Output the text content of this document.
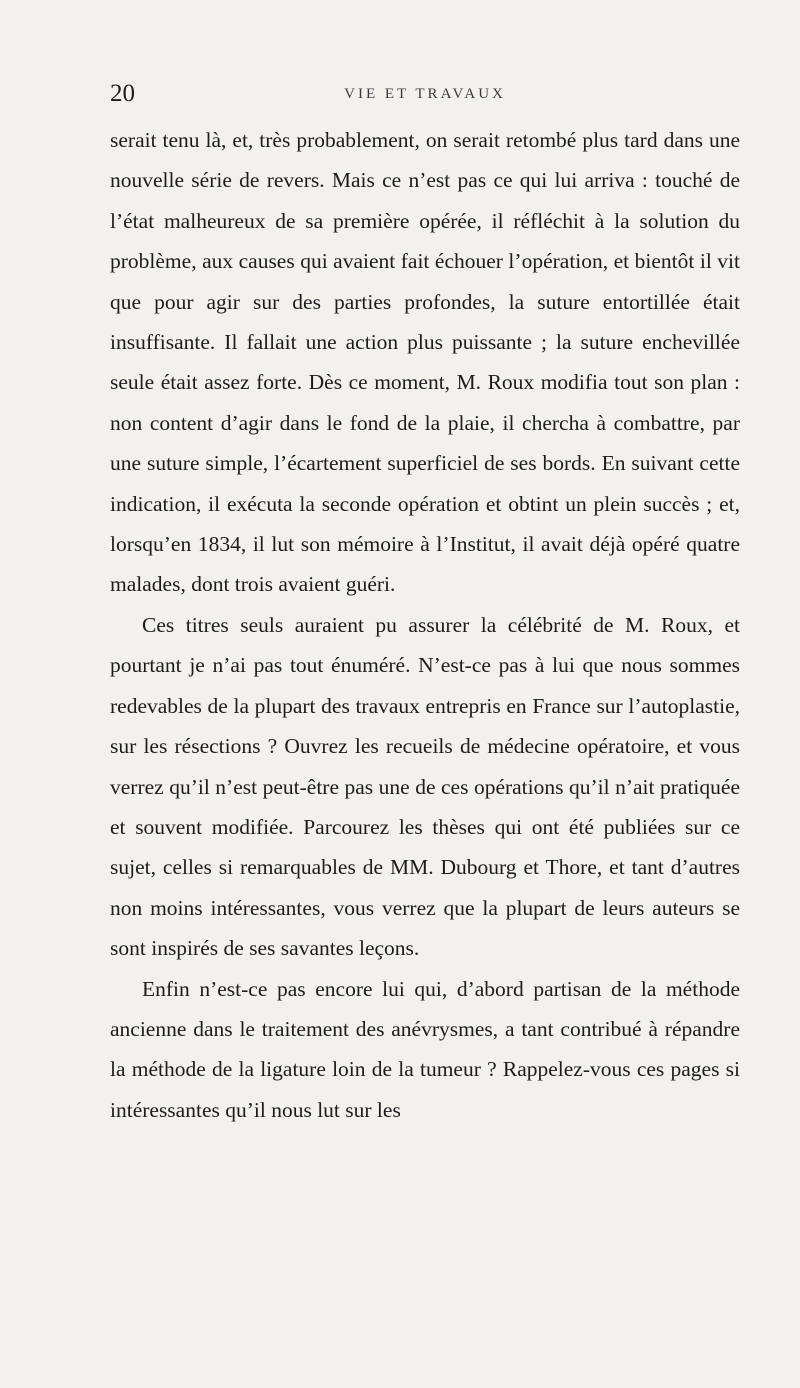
20	VIE ET TRAVAUX

serait tenu là, et, très probablement, on serait retombé plus tard dans une nouvelle série de revers. Mais ce n’est pas ce qui lui arriva : touché de l’état malheureux de sa première opérée, il réfléchit à la solution du problème, aux causes qui avaient fait échouer l’opération, et bientôt il vit que pour agir sur des parties profondes, la suture entortillée était insuffisante. Il fallait une action plus puissante ; la suture enchevillée seule était assez forte. Dès ce moment, M. Roux modifia tout son plan : non content d’agir dans le fond de la plaie, il chercha à combattre, par une suture simple, l’écartement superficiel de ses bords. En suivant cette indication, il exécuta la seconde opération et obtint un plein succès ; et, lorsqu’en 1834, il lut son mémoire à l’Institut, il avait déjà opéré quatre malades, dont trois avaient guéri.

Ces titres seuls auraient pu assurer la célébrité de M. Roux, et pourtant je n’ai pas tout énuméré. N’est-ce pas à lui que nous sommes redevables de la plupart des travaux entrepris en France sur l’autoplastie, sur les résections ? Ouvrez les recueils de médecine opératoire, et vous verrez qu’il n’est peut-être pas une de ces opérations qu’il n’ait pratiquée et souvent modifiée. Parcourez les thèses qui ont été publiées sur ce sujet, celles si remarquables de MM. Dubourg et Thore, et tant d’autres non moins intéressantes, vous verrez que la plupart de leurs auteurs se sont inspirés de ses savantes leçons.

Enfin n’est-ce pas encore lui qui, d’abord partisan de la méthode ancienne dans le traitement des anévrysmes, a tant contribué à répandre la méthode de la ligature loin de la tumeur ? Rappelez-vous ces pages si intéressantes qu’il nous lut sur les
